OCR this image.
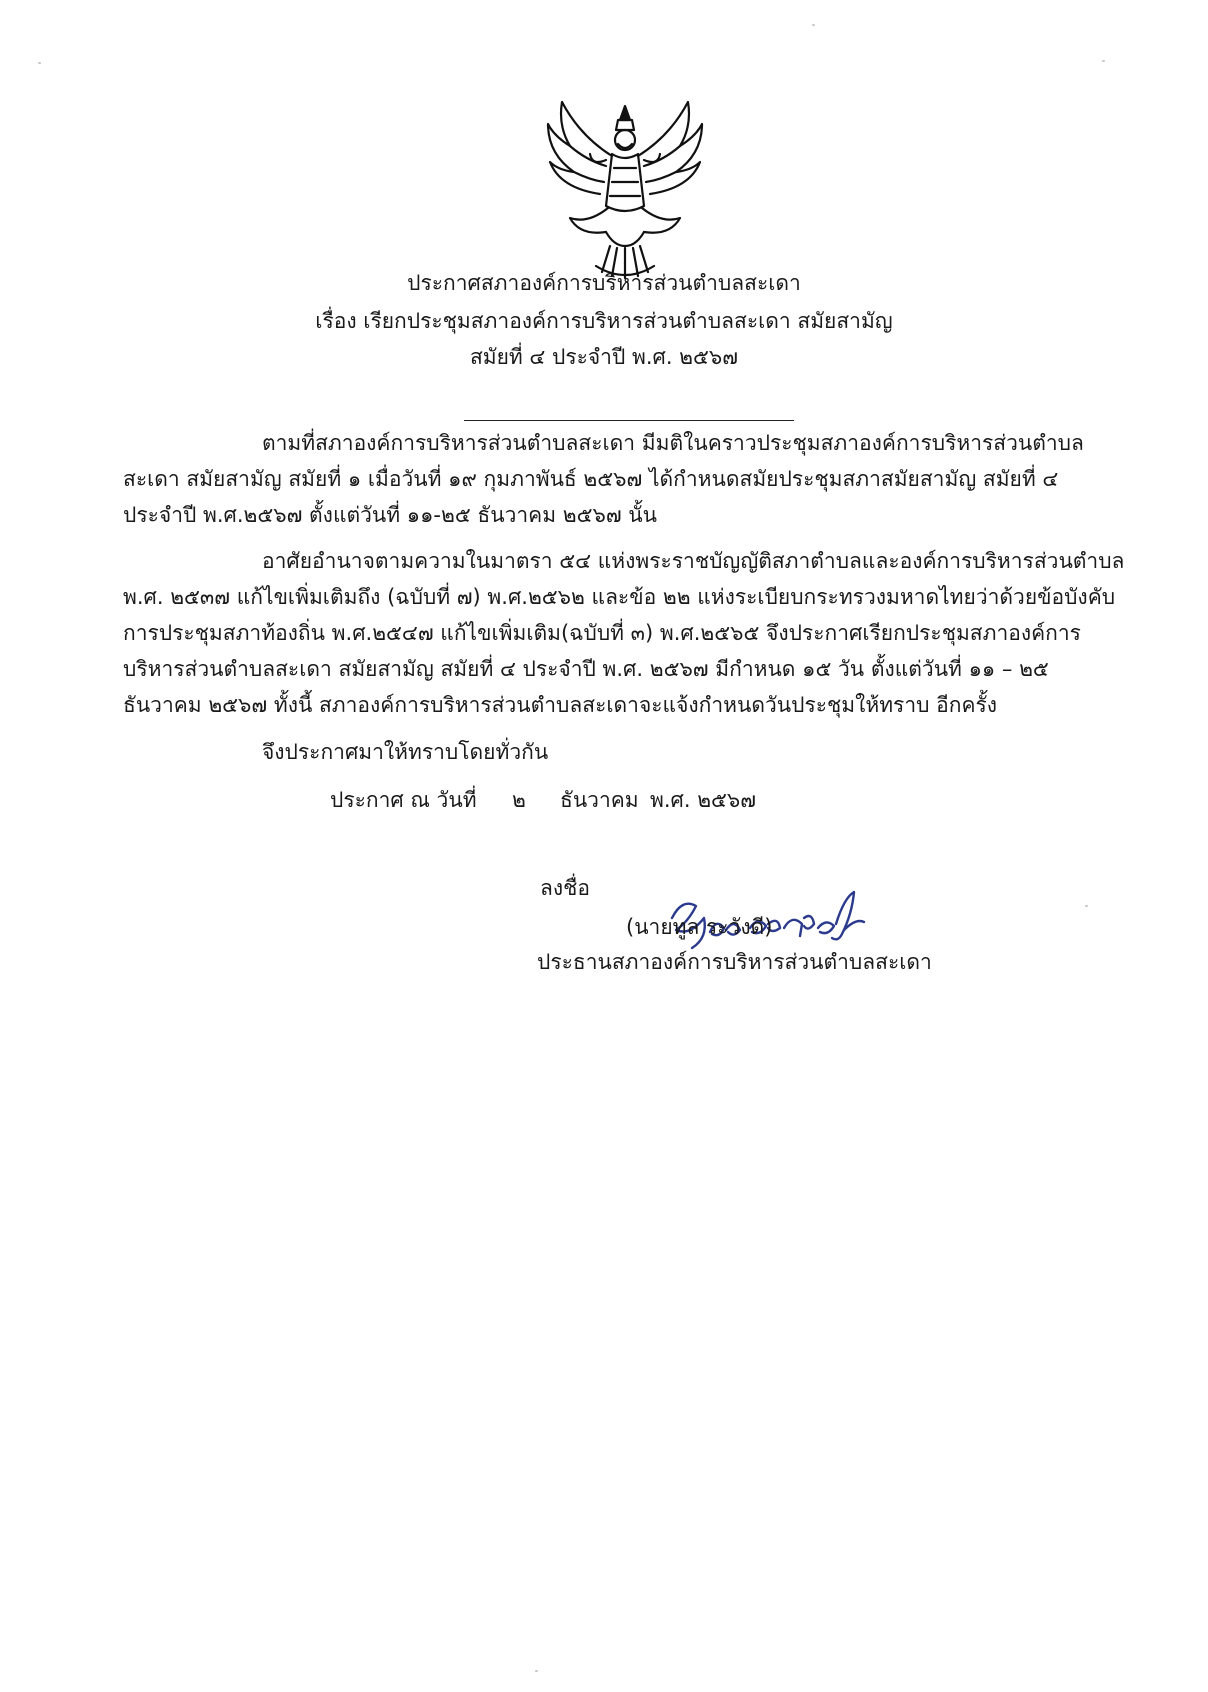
ประกาศสภาองค์การบริหารส่วนตำบลสะเดา
เรื่อง เรียกประชุมสภาองค์การบริหารส่วนตำบลสะเดา สมัยสามัญ
สมัยที่ ๔ ประจำปี พ.ศ. ๒๕๖๗
ตามที่สภาองค์การบริหารส่วนตำบลสะเดา มีมติในคราวประชุมสภาองค์การบริหารส่วนตำบล
สะเดา สมัยสามัญ สมัยที่ ๑ เมื่อวันที่ ๑๙ กุมภาพันธ์ ๒๕๖๗ ได้กำหนดสมัยประชุมสภาสมัยสามัญ สมัยที่ ๔
ประจำปี พ.ศ.๒๕๖๗ ตั้งแต่วันที่ ๑๑-๒๕ ธันวาคม ๒๕๖๗ นั้น
อาศัยอำนาจตามความในมาตรา ๕๔ แห่งพระราชบัญญัติสภาตำบลและองค์การบริหารส่วนตำบล
พ.ศ. ๒๕๓๗ แก้ไขเพิ่มเติมถึง (ฉบับที่ ๗) พ.ศ.๒๕๖๒ และข้อ ๒๒ แห่งระเบียบกระทรวงมหาดไทยว่าด้วยข้อบังคับ
การประชุมสภาท้องถิ่น พ.ศ.๒๕๔๗ แก้ไขเพิ่มเติม(ฉบับที่ ๓) พ.ศ.๒๕๖๕ จึงประกาศเรียกประชุมสภาองค์การ
บริหารส่วนตำบลสะเดา สมัยสามัญ สมัยที่ ๔ ประจำปี พ.ศ. ๒๕๖๗ มีกำหนด ๑๕ วัน ตั้งแต่วันที่ ๑๑ – ๒๕
ธันวาคม ๒๕๖๗ ทั้งนี้ สภาองค์การบริหารส่วนตำบลสะเดาจะแจ้งกำหนดวันประชุมให้ทราบ อีกครั้ง
จึงประกาศมาให้ทราบโดยทั่วกัน
ประกาศ ณ วันที่ ๒ ธันวาคม พ.ศ. ๒๕๖๗
ลงชื่อ
(นายทูล ระวังดี)
ประธานสภาองค์การบริหารส่วนตำบลสะเดา
